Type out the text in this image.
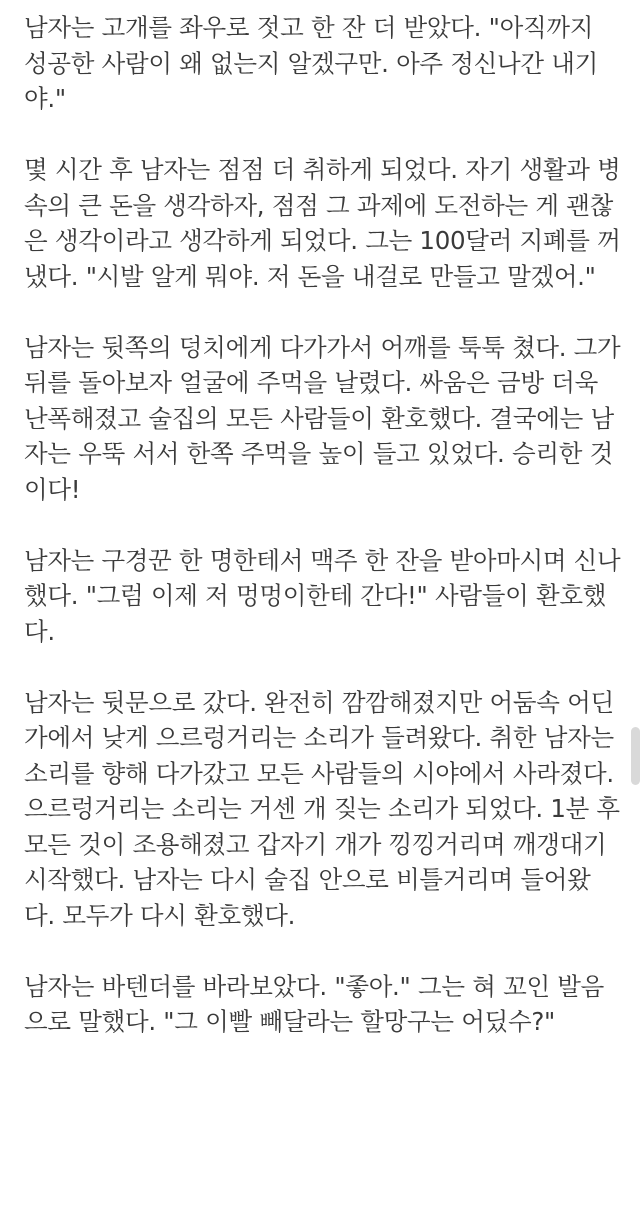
남자는 고개를 좌우로 젓고 한 잔 더 받았다. "아직까지
성공한 사람이 왜 없는지 알겠구만. 아주 정신나간 내기
야."

몇 시간 후 남자는 점점 더 취하게 되었다. 자기 생활과 병
속의 큰 돈을 생각하자, 점점 그 과제에 도전하는 게 괜찮
은 생각이라고 생각하게 되었다. 그는 100달러 지폐를 꺼
냈다. "시발 알게 뭐야. 저 돈을 내걸로 만들고 말겠어."

남자는 뒷쪽의 덩치에게 다가가서 어깨를 툭툭 쳤다. 그가
뒤를 돌아보자 얼굴에 주먹을 날렸다. 싸움은 금방 더욱
난폭해졌고 술집의 모든 사람들이 환호했다. 결국에는 남
자는 우뚝 서서 한쪽 주먹을 높이 들고 있었다. 승리한 것
이다!

남자는 구경꾼 한 명한테서 맥주 한 잔을 받아마시며 신나
했다. "그럼 이제 저 멍멍이한테 간다!" 사람들이 환호했
다.

남자는 뒷문으로 갔다. 완전히 깜깜해졌지만 어둠속 어딘
가에서 낮게 으르렁거리는 소리가 들려왔다. 취한 남자는
소리를 향해 다가갔고 모든 사람들의 시야에서 사라졌다.
으르렁거리는 소리는 거센 개 짖는 소리가 되었다. 1분 후
모든 것이 조용해졌고 갑자기 개가 낑낑거리며 깨갱대기
시작했다. 남자는 다시 술집 안으로 비틀거리며 들어왔
다. 모두가 다시 환호했다.

남자는 바텐더를 바라보았다. "좋아." 그는 혀 꼬인 발음
으로 말했다. "그 이빨 빼달라는 할망구는 어딨수?"
